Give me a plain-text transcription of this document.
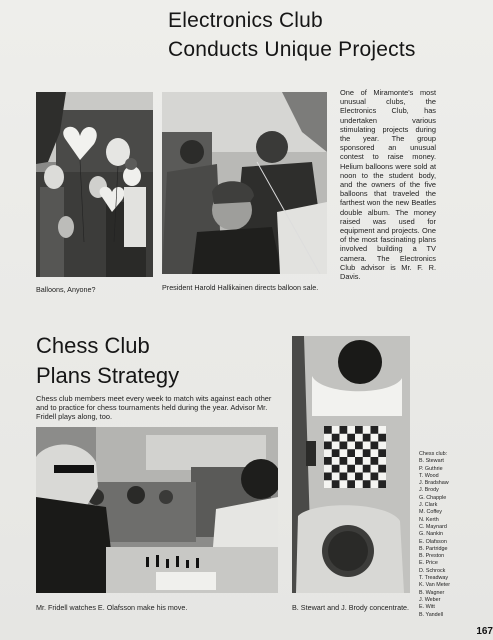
Electronics Club
Conducts Unique Projects
One of Miramonte's most unusual clubs, the Electronics Club, has undertaken various stimulating projects during the year. The group sponsored an unusual contest to raise money. Helium balloons were sold at noon to the student body, and the owners of the five balloons that traveled the farthest won the new Beatles double album. The money raised was used for equipment and projects. One of the most fascinating plans involved building a TV camera. The Electronics Club advisor is Mr. F. R. Davis.
Balloons, Anyone?	President Harold Hallikainen directs balloon sale.
Chess Club
Plans Strategy
Chess club members meet every week to match wits against each other and to practice for chess tournaments held during the year. Advisor Mr. Fridell plays along, too.
Chess club:
B. Stewart
P. Guthrie
T. Wood
J. Bradshaw
J. Brody
G. Chapple
J. Clark
M. Coffey
N. Kerth
C. Maynard
G. Nankin
E. Olafsson
B. Partridge
B. Preston
E. Price
D. Schrock
T. Treadway
K. Van Meter
B. Wagner
J. Weber
E. Witt
B. Yandell
Mr. Fridell watches E. Olafsson make his move.	B. Stewart and J. Brody concentrate.
167
